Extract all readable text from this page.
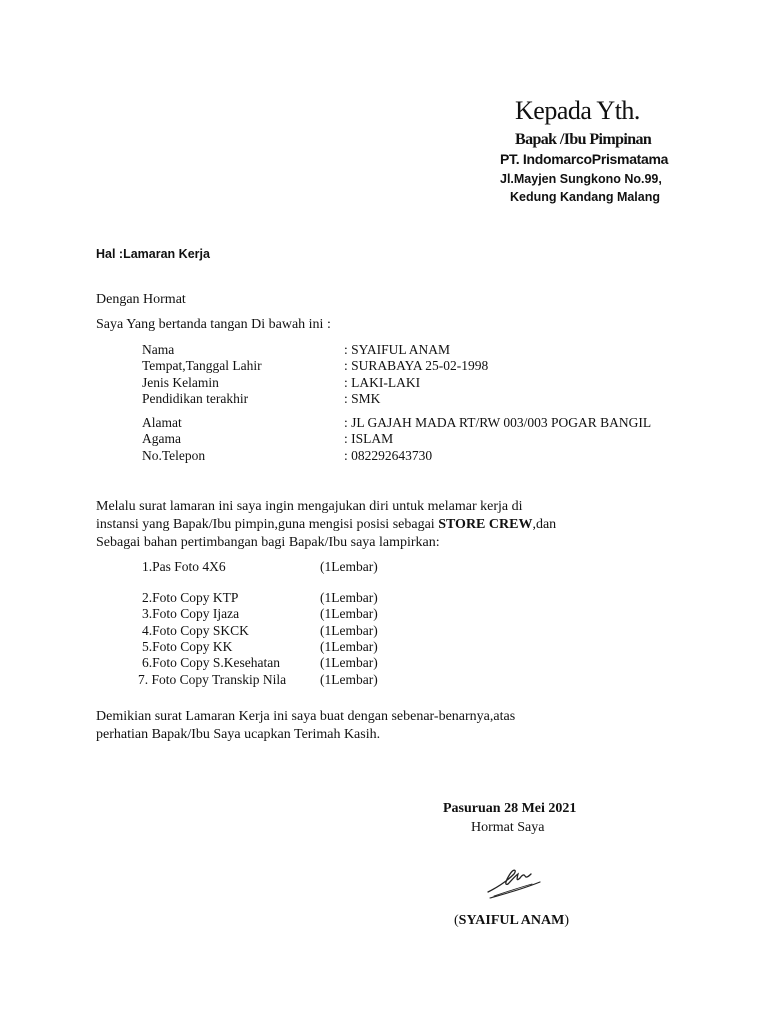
Kepada Yth.
Bapak /Ibu Pimpinan
PT. IndomarcoPrismatama
Jl.Mayjen Sungkono No.99,
Kedung Kandang Malang
Hal :Lamaran Kerja
Dengan Hormat
Saya Yang bertanda tangan Di bawah ini :
Nama	: SYAIFUL ANAM
Tempat,Tanggal Lahir	: SURABAYA 25-02-1998
Jenis Kelamin	: LAKI-LAKI
Pendidikan terakhir	: SMK
Alamat	: JL GAJAH MADA RT/RW 003/003 POGAR BANGIL
Agama	: ISLAM
No.Telepon	: 082292643730
Melalu surat lamaran ini saya ingin mengajukan diri untuk melamar kerja di
instansi yang Bapak/Ibu pimpin,guna mengisi posisi sebagai STORE CREW,dan
Sebagai bahan pertimbangan bagi Bapak/Ibu saya lampirkan:
1.Pas Foto 4X6	(1Lembar)
2.Foto Copy KTP	(1Lembar)
3.Foto Copy Ijaza	(1Lembar)
4.Foto Copy SKCK	(1Lembar)
5.Foto Copy KK	(1Lembar)
6.Foto Copy S.Kesehatan	(1Lembar)
7. Foto Copy Transkip Nila	(1Lembar)
Demikian surat Lamaran Kerja ini saya buat dengan sebenar-benarnya,atas
perhatian Bapak/Ibu Saya ucapkan Terimah Kasih.
Pasuruan 28 Mei 2021
Hormat Saya
(SYAIFUL ANAM)
